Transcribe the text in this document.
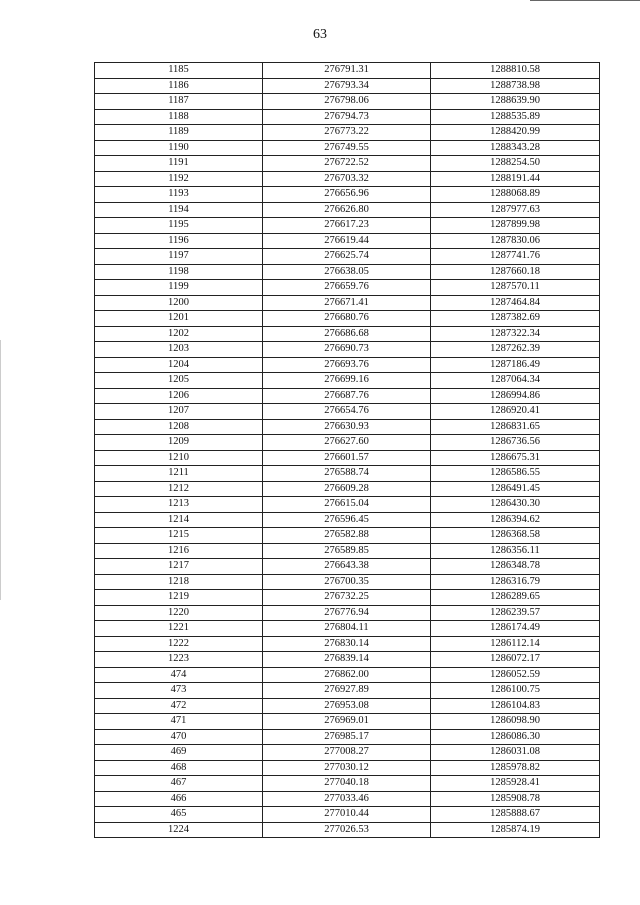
63
1185	276791.31	1288810.58
1186	276793.34	1288738.98
1187	276798.06	1288639.90
1188	276794.73	1288535.89
1189	276773.22	1288420.99
1190	276749.55	1288343.28
1191	276722.52	1288254.50
1192	276703.32	1288191.44
1193	276656.96	1288068.89
1194	276626.80	1287977.63
1195	276617.23	1287899.98
1196	276619.44	1287830.06
1197	276625.74	1287741.76
1198	276638.05	1287660.18
1199	276659.76	1287570.11
1200	276671.41	1287464.84
1201	276680.76	1287382.69
1202	276686.68	1287322.34
1203	276690.73	1287262.39
1204	276693.76	1287186.49
1205	276699.16	1287064.34
1206	276687.76	1286994.86
1207	276654.76	1286920.41
1208	276630.93	1286831.65
1209	276627.60	1286736.56
1210	276601.57	1286675.31
1211	276588.74	1286586.55
1212	276609.28	1286491.45
1213	276615.04	1286430.30
1214	276596.45	1286394.62
1215	276582.88	1286368.58
1216	276589.85	1286356.11
1217	276643.38	1286348.78
1218	276700.35	1286316.79
1219	276732.25	1286289.65
1220	276776.94	1286239.57
1221	276804.11	1286174.49
1222	276830.14	1286112.14
1223	276839.14	1286072.17
474	276862.00	1286052.59
473	276927.89	1286100.75
472	276953.08	1286104.83
471	276969.01	1286098.90
470	276985.17	1286086.30
469	277008.27	1286031.08
468	277030.12	1285978.82
467	277040.18	1285928.41
466	277033.46	1285908.78
465	277010.44	1285888.67
1224	277026.53	1285874.19
